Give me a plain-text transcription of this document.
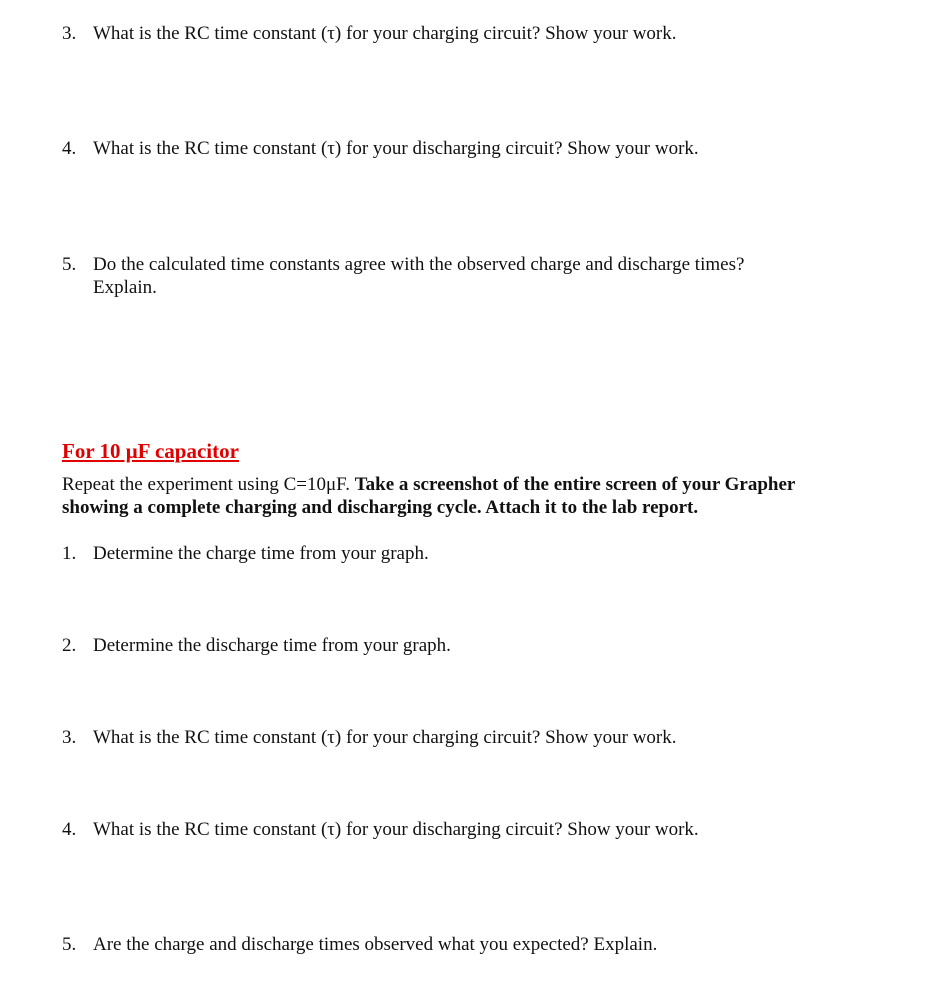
3. What is the RC time constant (τ) for your charging circuit? Show your work.
4. What is the RC time constant (τ) for your discharging circuit? Show your work.
5. Do the calculated time constants agree with the observed charge and discharge times?
Explain.
For 10 μF capacitor
Repeat the experiment using C=10μF. Take a screenshot of the entire screen of your Grapher showing a complete charging and discharging cycle. Attach it to the lab report.
1. Determine the charge time from your graph.
2. Determine the discharge time from your graph.
3. What is the RC time constant (τ) for your charging circuit? Show your work.
4. What is the RC time constant (τ) for your discharging circuit? Show your work.
5. Are the charge and discharge times observed what you expected? Explain.
